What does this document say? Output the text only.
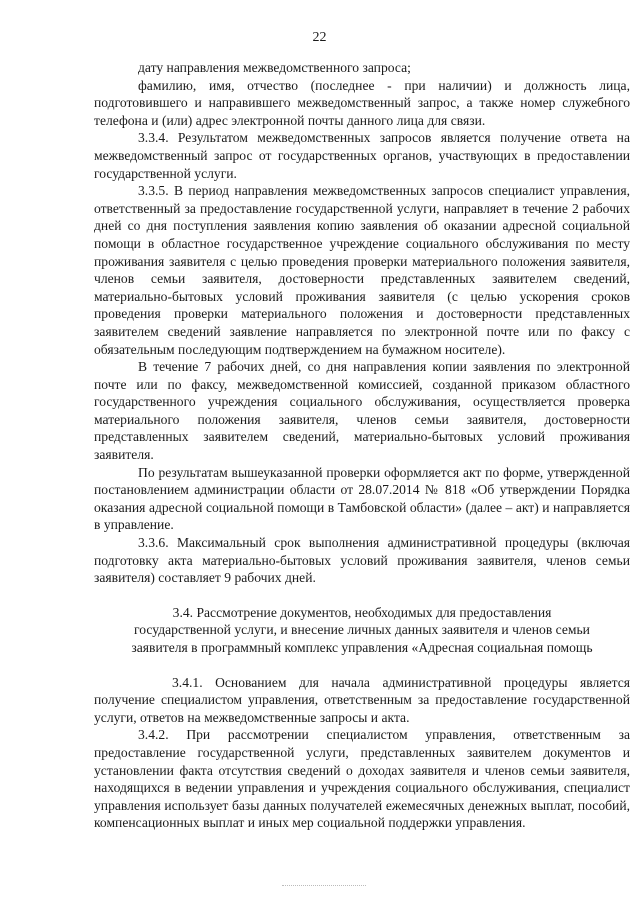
22

дату направления межведомственного запроса;

фамилию, имя, отчество (последнее - при наличии) и должность лица, подготовившего и направившего межведомственный запрос, а также номер служебного телефона и (или) адрес электронной почты данного лица для связи.

3.3.4. Результатом межведомственных запросов является получение ответа на межведомственный запрос от государственных органов, участвующих в предоставлении государственной услуги.

3.3.5. В период направления межведомственных запросов специалист управления, ответственный за предоставление государственной услуги, направляет в течение 2 рабочих дней со дня поступления заявления копию заявления об оказании адресной социальной помощи в областное государственное учреждение социального обслуживания по месту проживания заявителя с целью проведения проверки материального положения заявителя, членов семьи заявителя, достоверности представленных заявителем сведений, материально-бытовых условий проживания заявителя (с целью ускорения сроков проведения проверки материального положения и достоверности представленных заявителем сведений заявление направляется по электронной почте или по факсу с обязательным последующим подтверждением на бумажном носителе).

В течение 7 рабочих дней, со дня направления копии заявления по электронной почте или по факсу, межведомственной комиссией, созданной приказом областного государственного учреждения социального обслуживания, осуществляется проверка материального положения заявителя, членов семьи заявителя, достоверности представленных заявителем сведений, материально-бытовых условий проживания заявителя.

По результатам вышеуказанной проверки оформляется акт по форме, утвержденной постановлением администрации области от 28.07.2014 № 818 «Об утверждении Порядка оказания адресной социальной помощи в Тамбовской области» (далее – акт) и направляется в управление.

3.3.6. Максимальный срок выполнения административной процедуры (включая подготовку акта материально-бытовых условий проживания заявителя, членов семьи заявителя) составляет 9 рабочих дней.

3.4. Рассмотрение документов, необходимых для предоставления
государственной услуги, и внесение личных данных заявителя и членов семьи
заявителя в программный комплекс управления «Адресная социальная помощь

3.4.1. Основанием для начала административной процедуры является получение специалистом управления, ответственным за предоставление государственной услуги, ответов на межведомственные запросы и акта.

3.4.2. При рассмотрении специалистом управления, ответственным за предоставление государственной услуги, представленных заявителем документов и установлении факта отсутствия сведений о доходах заявителя и членов семьи заявителя, находящихся в ведении управления и учреждения социального обслуживания, специалист управления использует базы данных получателей ежемесячных денежных выплат, пособий, компенсационных выплат и иных мер социальной поддержки управления.
